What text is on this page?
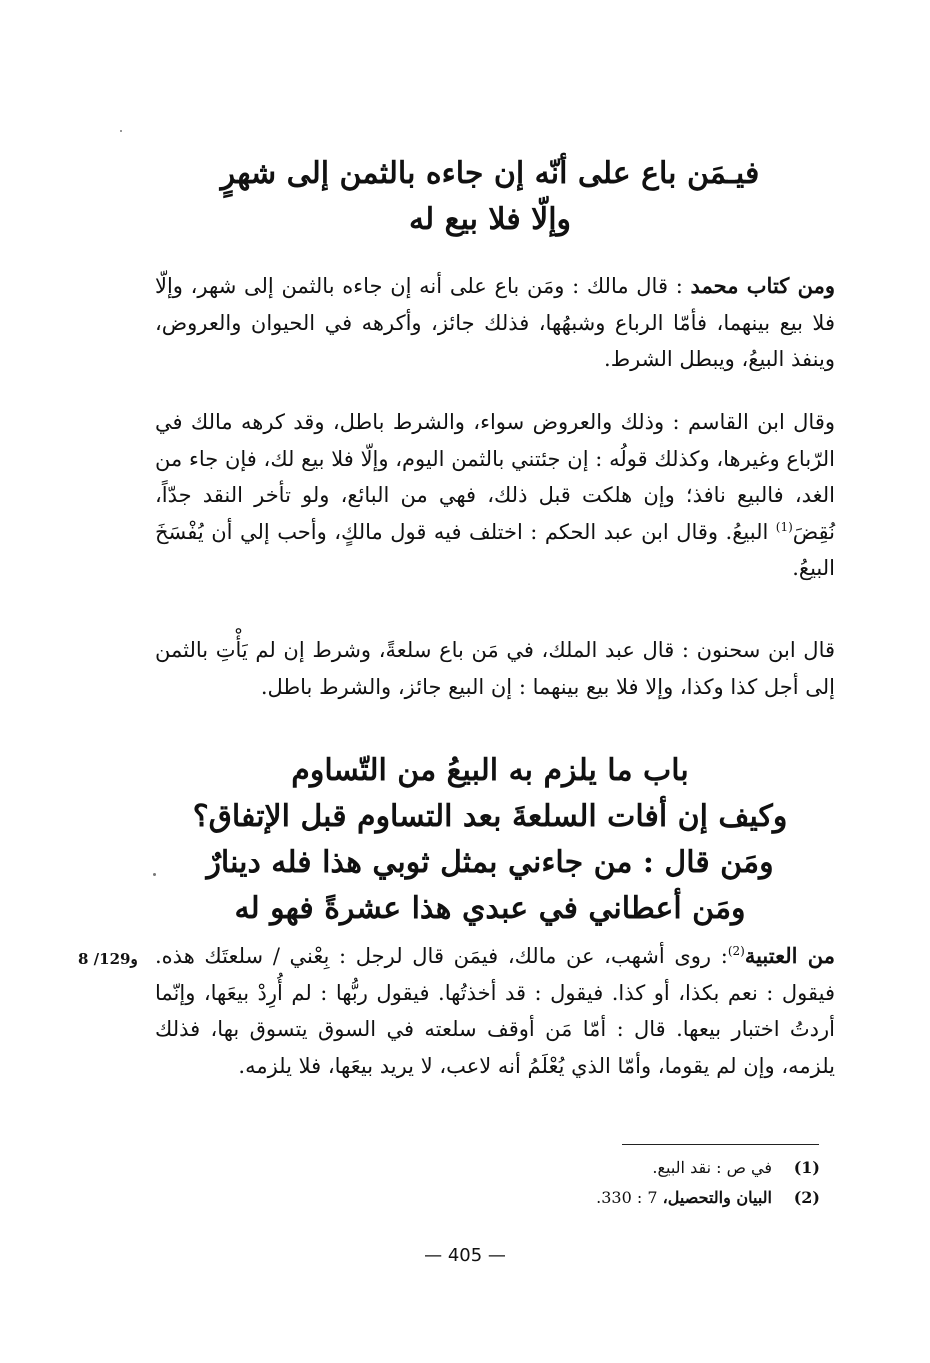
فيـمَن باع على أنّه إن جاءه بالثمن إلى شهرٍ
وإلّا فلا بيع له
ومن كتاب محمد : قال مالك : ومَن باع على أنه إن جاءه بالثمن إلى شهر، وإلّا فلا بيع بينهما، فأمّا الرباع وشبهُها، فذلك جائز، وأكرهه في الحيوان والعروض، وينفذ البيعُ، ويبطل الشرط.
وقال ابن القاسم : وذلك والعروض سواء، والشرط باطل، وقد كرهه مالك في الرّباع وغيرها، وكذلك قولُه : إن جئتني بالثمن اليوم، وإلّا فلا بيع لك، فإن جاء من الغد، فالبيع نافذ؛ وإن هلكت قبل ذلك، فهي من البائع، ولو تأخر النقد جدّاً، نُقِضَ$^{(1)}$ البيعُ. وقال ابن عبد الحكم : اختلف فيه قول مالكٍ، وأحب إلي أن يُفْسَخَ البيعُ.
قال ابن سحنون : قال عبد الملك، في مَن باع سلعةً، وشرط إن لم يَأْتِ بالثمن إلى أجل كذا وكذا، وإلا فلا بيع بينهما : إن البيع جائز، والشرط باطل.
باب ما يلزم به البيعُ من التّساوم
وكيف إن أفات السلعةَ بعد التساوم قبل الإتفاق؟
ومَن قال : من جاءني بمثل ثوبي هذا فله دينارٌ
ومَن أعطاني في عبدي هذا عشرةً فهو له
8 /129و	من العتبية$^{(2)}$: روى أشهب، عن مالك، فيمَن قال لرجل : بِعْني / سلعتَك هذه. فيقول : نعم بكذا، أو كذا. فيقول : قد أخذتُها. فيقول ربُّها : لم أُرِدْ بيعَها، وإنّما أردتُ اختبار بيعها. قال : أمّا مَن أوقف سلعته في السوق يتسوق بها، فذلك يلزمه، وإن لم يقوما، وأمّا الذي يُعْلَمُ أنه لاعب، لا يريد بيعَها، فلا يلزمه.
(1)في ص : نقد البيع.
(2)البيان والتحصيل، 7 : 330.
— 405 —
